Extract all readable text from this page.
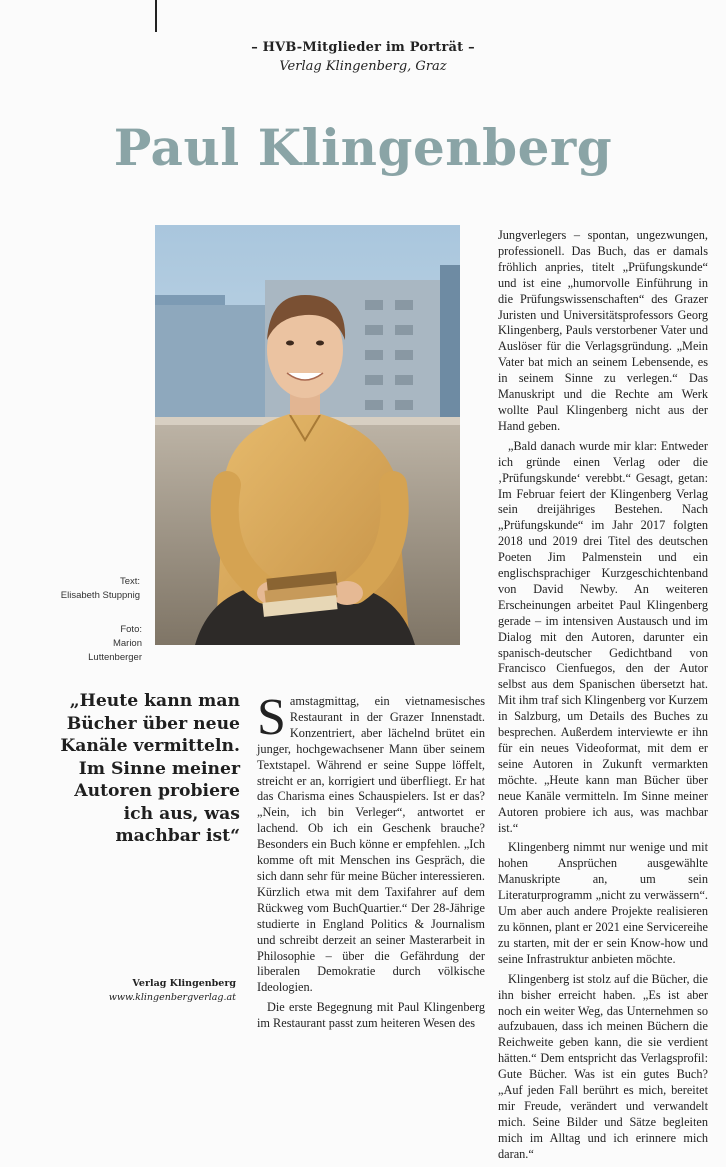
– HVB-Mitglieder im Porträt –
Verlag Klingenberg, Graz
Paul Klingenberg
Text:
Elisabeth Stuppnig
Foto:
Marion Luttenberger
„Heute kann man Bücher über neue Kanäle vermitteln. Im Sinne meiner Autoren probiere ich aus, was machbar ist“
Verlag Klingenberg
www.klingenbergverlag.at

Samstagmittag, ein vietnamesisches Restaurant in der Grazer Innenstadt. Konzentriert, aber lächelnd brütet ein junger, hochgewachsener Mann über seinem Textstapel. Während er seine Suppe löffelt, streicht er an, korrigiert und überfliegt. Er hat das Charisma eines Schauspielers. Ist er das? „Nein, ich bin Verleger“, antwortet er lachend. Ob ich ein Geschenk brauche? Besonders ein Buch könne er empfehlen. „Ich komme oft mit Menschen ins Gespräch, die sich dann sehr für meine Bücher interessieren. Kürzlich etwa mit dem Taxifahrer auf dem Rückweg vom BuchQuartier.“ Der 28-Jährige studierte in England Politics & Journalism und schreibt derzeit an seiner Masterarbeit in Philosophie – über die Gefährdung der liberalen Demokratie durch völkische Ideologien.

Die erste Begegnung mit Paul Klingenberg im Restaurant passt zum heiteren Wesen des

Jungverlegers – spontan, ungezwungen, professionell. Das Buch, das er damals fröhlich anpries, titelt „Prüfungskunde“ und ist eine „humorvolle Einführung in die Prüfungswissenschaften“ des Grazer Juristen und Universitätsprofessors Georg Klingenberg, Pauls verstorbener Vater und Auslöser für die Verlagsgründung. „Mein Vater bat mich an seinem Lebensende, es in seinem Sinne zu verlegen.“ Das Manuskript und die Rechte am Werk wollte Paul Klingenberg nicht aus der Hand geben.

„Bald danach wurde mir klar: Entweder ich gründe einen Verlag oder die ‚Prüfungskunde‘ verebbt.“ Gesagt, getan: Im Februar feiert der Klingenberg Verlag sein dreijähriges Bestehen. Nach „Prüfungskunde“ im Jahr 2017 folgten 2018 und 2019 drei Titel des deutschen Poeten Jim Palmenstein und ein englischsprachiger Kurzgeschichtenband von David Newby. An weiteren Erscheinungen arbeitet Paul Klingenberg gerade – im intensiven Austausch und im Dialog mit den Autoren, darunter ein spanisch-deutscher Gedichtband von Francisco Cienfuegos, den der Autor selbst aus dem Spanischen übersetzt hat. Mit ihm traf sich Klingenberg vor Kurzem in Salzburg, um Details des Buches zu besprechen. Außerdem interviewte er ihn für ein neues Videoformat, mit dem er seine Autoren in Zukunft vermarkten möchte. „Heute kann man Bücher über neue Kanäle vermitteln. Im Sinne meiner Autoren probiere ich aus, was machbar ist.“

Klingenberg nimmt nur wenige und mit hohen Ansprüchen ausgewählte Manuskripte an, um sein Literaturprogramm „nicht zu verwässern“. Um aber auch andere Projekte realisieren zu können, plant er 2021 eine Servicereihe zu starten, mit der er sein Know-how und seine Infrastruktur anbieten möchte.

Klingenberg ist stolz auf die Bücher, die ihn bisher erreicht haben. „Es ist aber noch ein weiter Weg, das Unternehmen so aufzubauen, dass ich meinen Büchern die Reichweite geben kann, die sie verdient hätten.“ Dem entspricht das Verlagsprofil: Gute Bücher. Was ist ein gutes Buch? „Auf jeden Fall berührt es mich, bereitet mir Freude, verändert und verwandelt mich. Seine Bilder und Sätze begleiten mich im Alltag und ich erinnere mich daran.“
